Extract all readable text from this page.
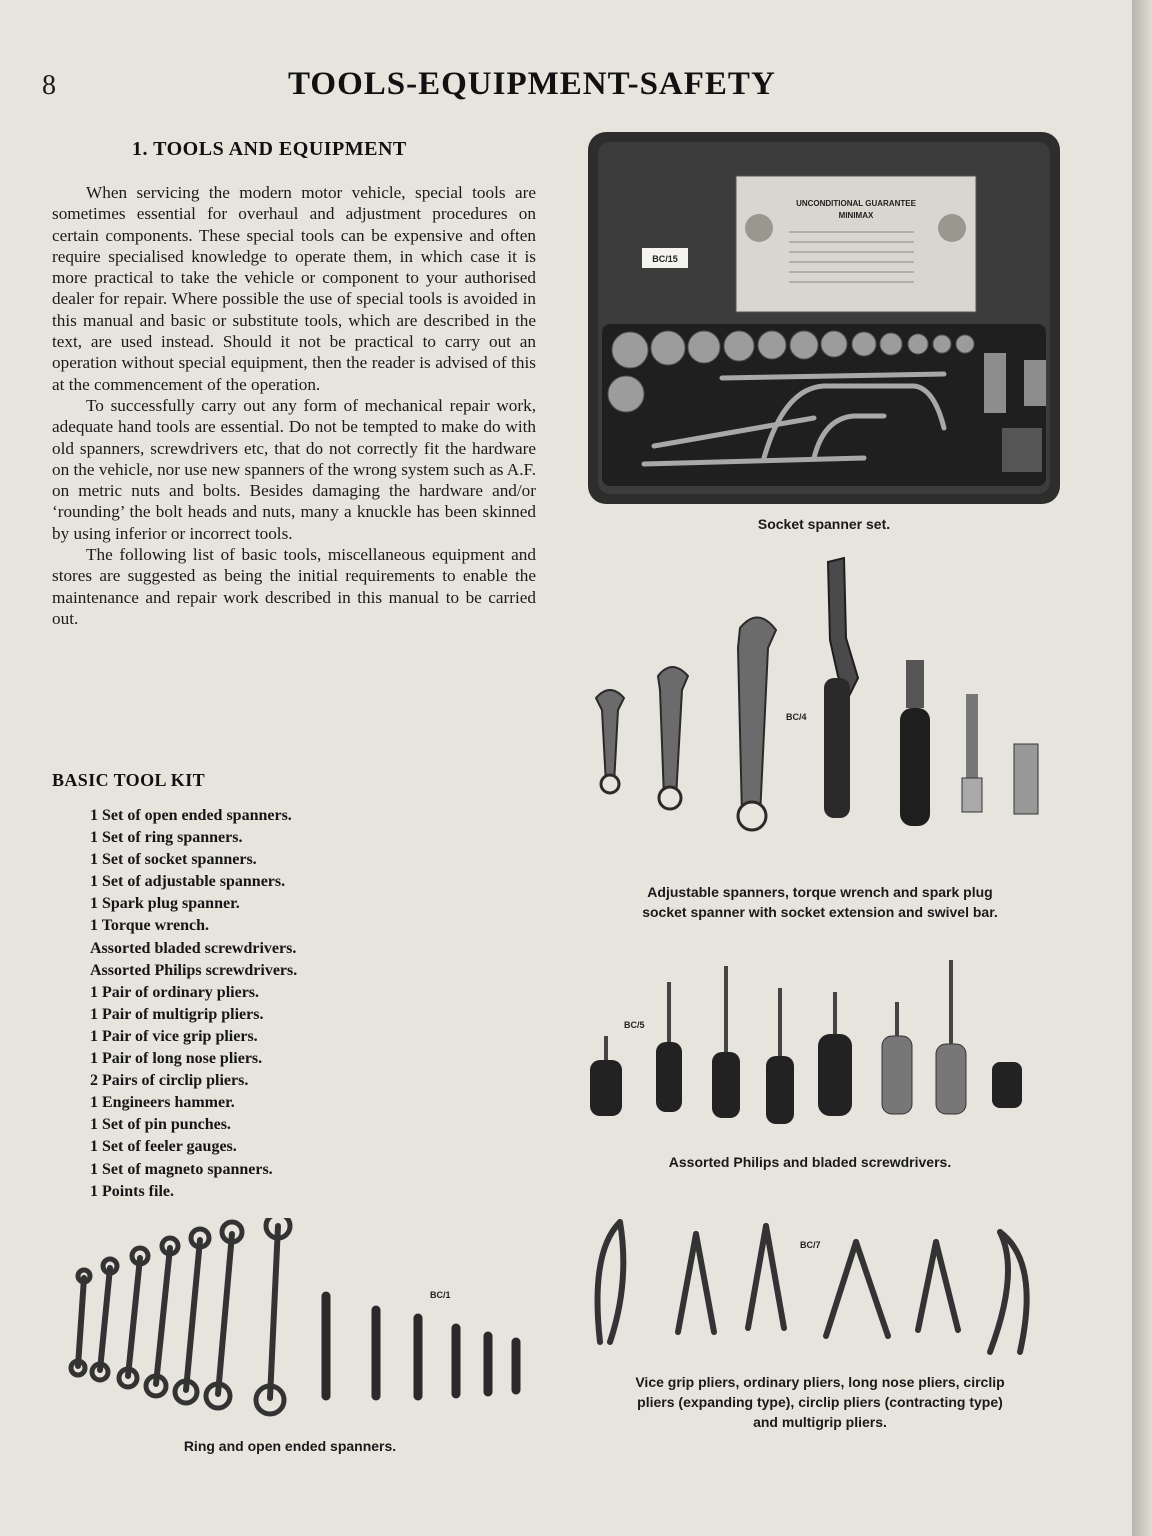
8	TOOLS-EQUIPMENT-SAFETY
1. TOOLS AND EQUIPMENT

When servicing the modern motor vehicle, special tools are sometimes essential for overhaul and adjustment procedures on certain components. These special tools can be expensive and often require specialised knowledge to operate them, in which case it is more practical to take the vehicle or component to your authorised dealer for repair. Where possible the use of special tools is avoided in this manual and basic or substitute tools, which are described in the text, are used instead. Should it not be practical to carry out an operation without special equipment, then the reader is advised of this at the commencement of the operation.

To successfully carry out any form of mechanical repair work, adequate hand tools are essential. Do not be tempted to make do with old spanners, screwdrivers etc, that do not correctly fit the hardware on the vehicle, nor use new spanners of the wrong system such as A.F. on metric nuts and bolts. Besides damaging the hardware and/or ‘rounding’ the bolt heads and nuts, many a knuckle has been skinned by using inferior or incorrect tools.

The following list of basic tools, miscellaneous equipment and stores are suggested as being the initial requirements to enable the maintenance and repair work described in this manual to be carried out.

BASIC TOOL KIT
1 Set of open ended spanners.
1 Set of ring spanners.
1 Set of socket spanners.
1 Set of adjustable spanners.
1 Spark plug spanner.
1 Torque wrench.
Assorted bladed screwdrivers.
Assorted Philips screwdrivers.
1 Pair of ordinary pliers.
1 Pair of multigrip pliers.
1 Pair of vice grip pliers.
1 Pair of long nose pliers.
2 Pairs of circlip pliers.
1 Engineers hammer.
1 Set of pin punches.
1 Set of feeler gauges.
1 Set of magneto spanners.
1 Points file.
UNCONDITIONAL GUARANTEE
MINIMAX
BC/15
Socket spanner set.
BC/4
Adjustable spanners, torque wrench and spark plug
socket spanner with socket extension and swivel bar.
BC/5
Assorted Philips and bladed screwdrivers.
BC/1
Ring and open ended spanners.
BC/7
Vice grip pliers, ordinary pliers, long nose pliers, circlip
pliers (expanding type), circlip pliers (contracting type)
and multigrip pliers.
